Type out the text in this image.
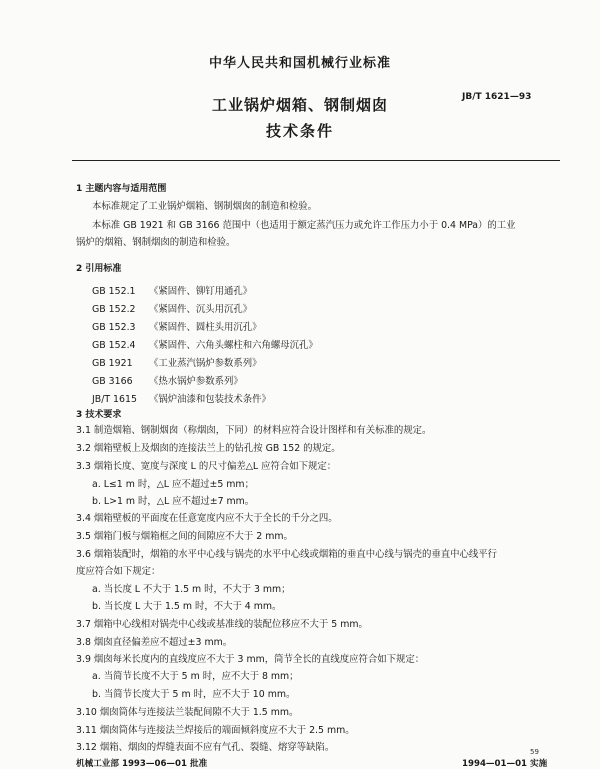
中华人民共和国机械行业标准
工业锅炉烟箱、钢制烟囱	JB/T 1621—93
技术条件
1 主题内容与适用范围
本标准规定了工业锅炉烟箱、钢制烟囱的制造和检验。
本标准 GB 1921 和 GB 3166 范围中（也适用于额定蒸汽压力或允许工作压力小于 0.4 MPa）的工业
锅炉的烟箱、钢制烟囱的制造和检验。
2 引用标准
GB 152.1 《紧固件、铆钉用通孔》
GB 152.2 《紧固件、沉头用沉孔》
GB 152.3 《紧固件、圆柱头用沉孔》
GB 152.4 《紧固件、六角头螺柱和六角螺母沉孔》
GB 1921 《工业蒸汽锅炉参数系列》
GB 3166 《热水锅炉参数系列》
JB/T 1615 《锅炉油漆和包装技术条件》
3 技术要求
3.1 制造烟箱、钢制烟囱（称烟囱，下同）的材料应符合设计图样和有关标准的规定。
3.2 烟箱壁板上及烟囱的连接法兰上的钻孔按 GB 152 的规定。
3.3 烟箱长度、宽度与深度 L 的尺寸偏差△L 应符合如下规定：
a. L≤1 m 时，△L 应不超过±5 mm；
b. L>1 m 时，△L 应不超过±7 mm。
3.4 烟箱壁板的平面度在任意宽度内应不大于全长的千分之四。
3.5 烟箱门板与烟箱框之间的间隙应不大于 2 mm。
3.6 烟箱装配时，烟箱的水平中心线与锅壳的水平中心线或烟箱的垂直中心线与锅壳的垂直中心线平行
度应符合如下规定：
a. 当长度 L 不大于 1.5 m 时，不大于 3 mm；
b. 当长度 L 大于 1.5 m 时，不大于 4 mm。
3.7 烟箱中心线相对锅壳中心线或基准线的装配位移应不大于 5 mm。
3.8 烟囱直径偏差应不超过±3 mm。
3.9 烟囱每米长度内的直线度应不大于 3 mm，筒节全长的直线度应符合如下规定：
a. 当简节长度不大于 5 m 时，应不大于 8 mm；
b. 当简节长度大于 5 m 时，应不大于 10 mm。
3.10 烟囱筒体与连接法兰装配间隙不大于 1.5 mm。
3.11 烟囱筒体与连接法兰焊接后的端面倾斜度应不大于 2.5 mm。
3.12 烟箱、烟囱的焊缝表面不应有气孔、裂缝、熔穿等缺陷。
机械工业部 1993—06—01 批准	1994—01—01 实施
59
